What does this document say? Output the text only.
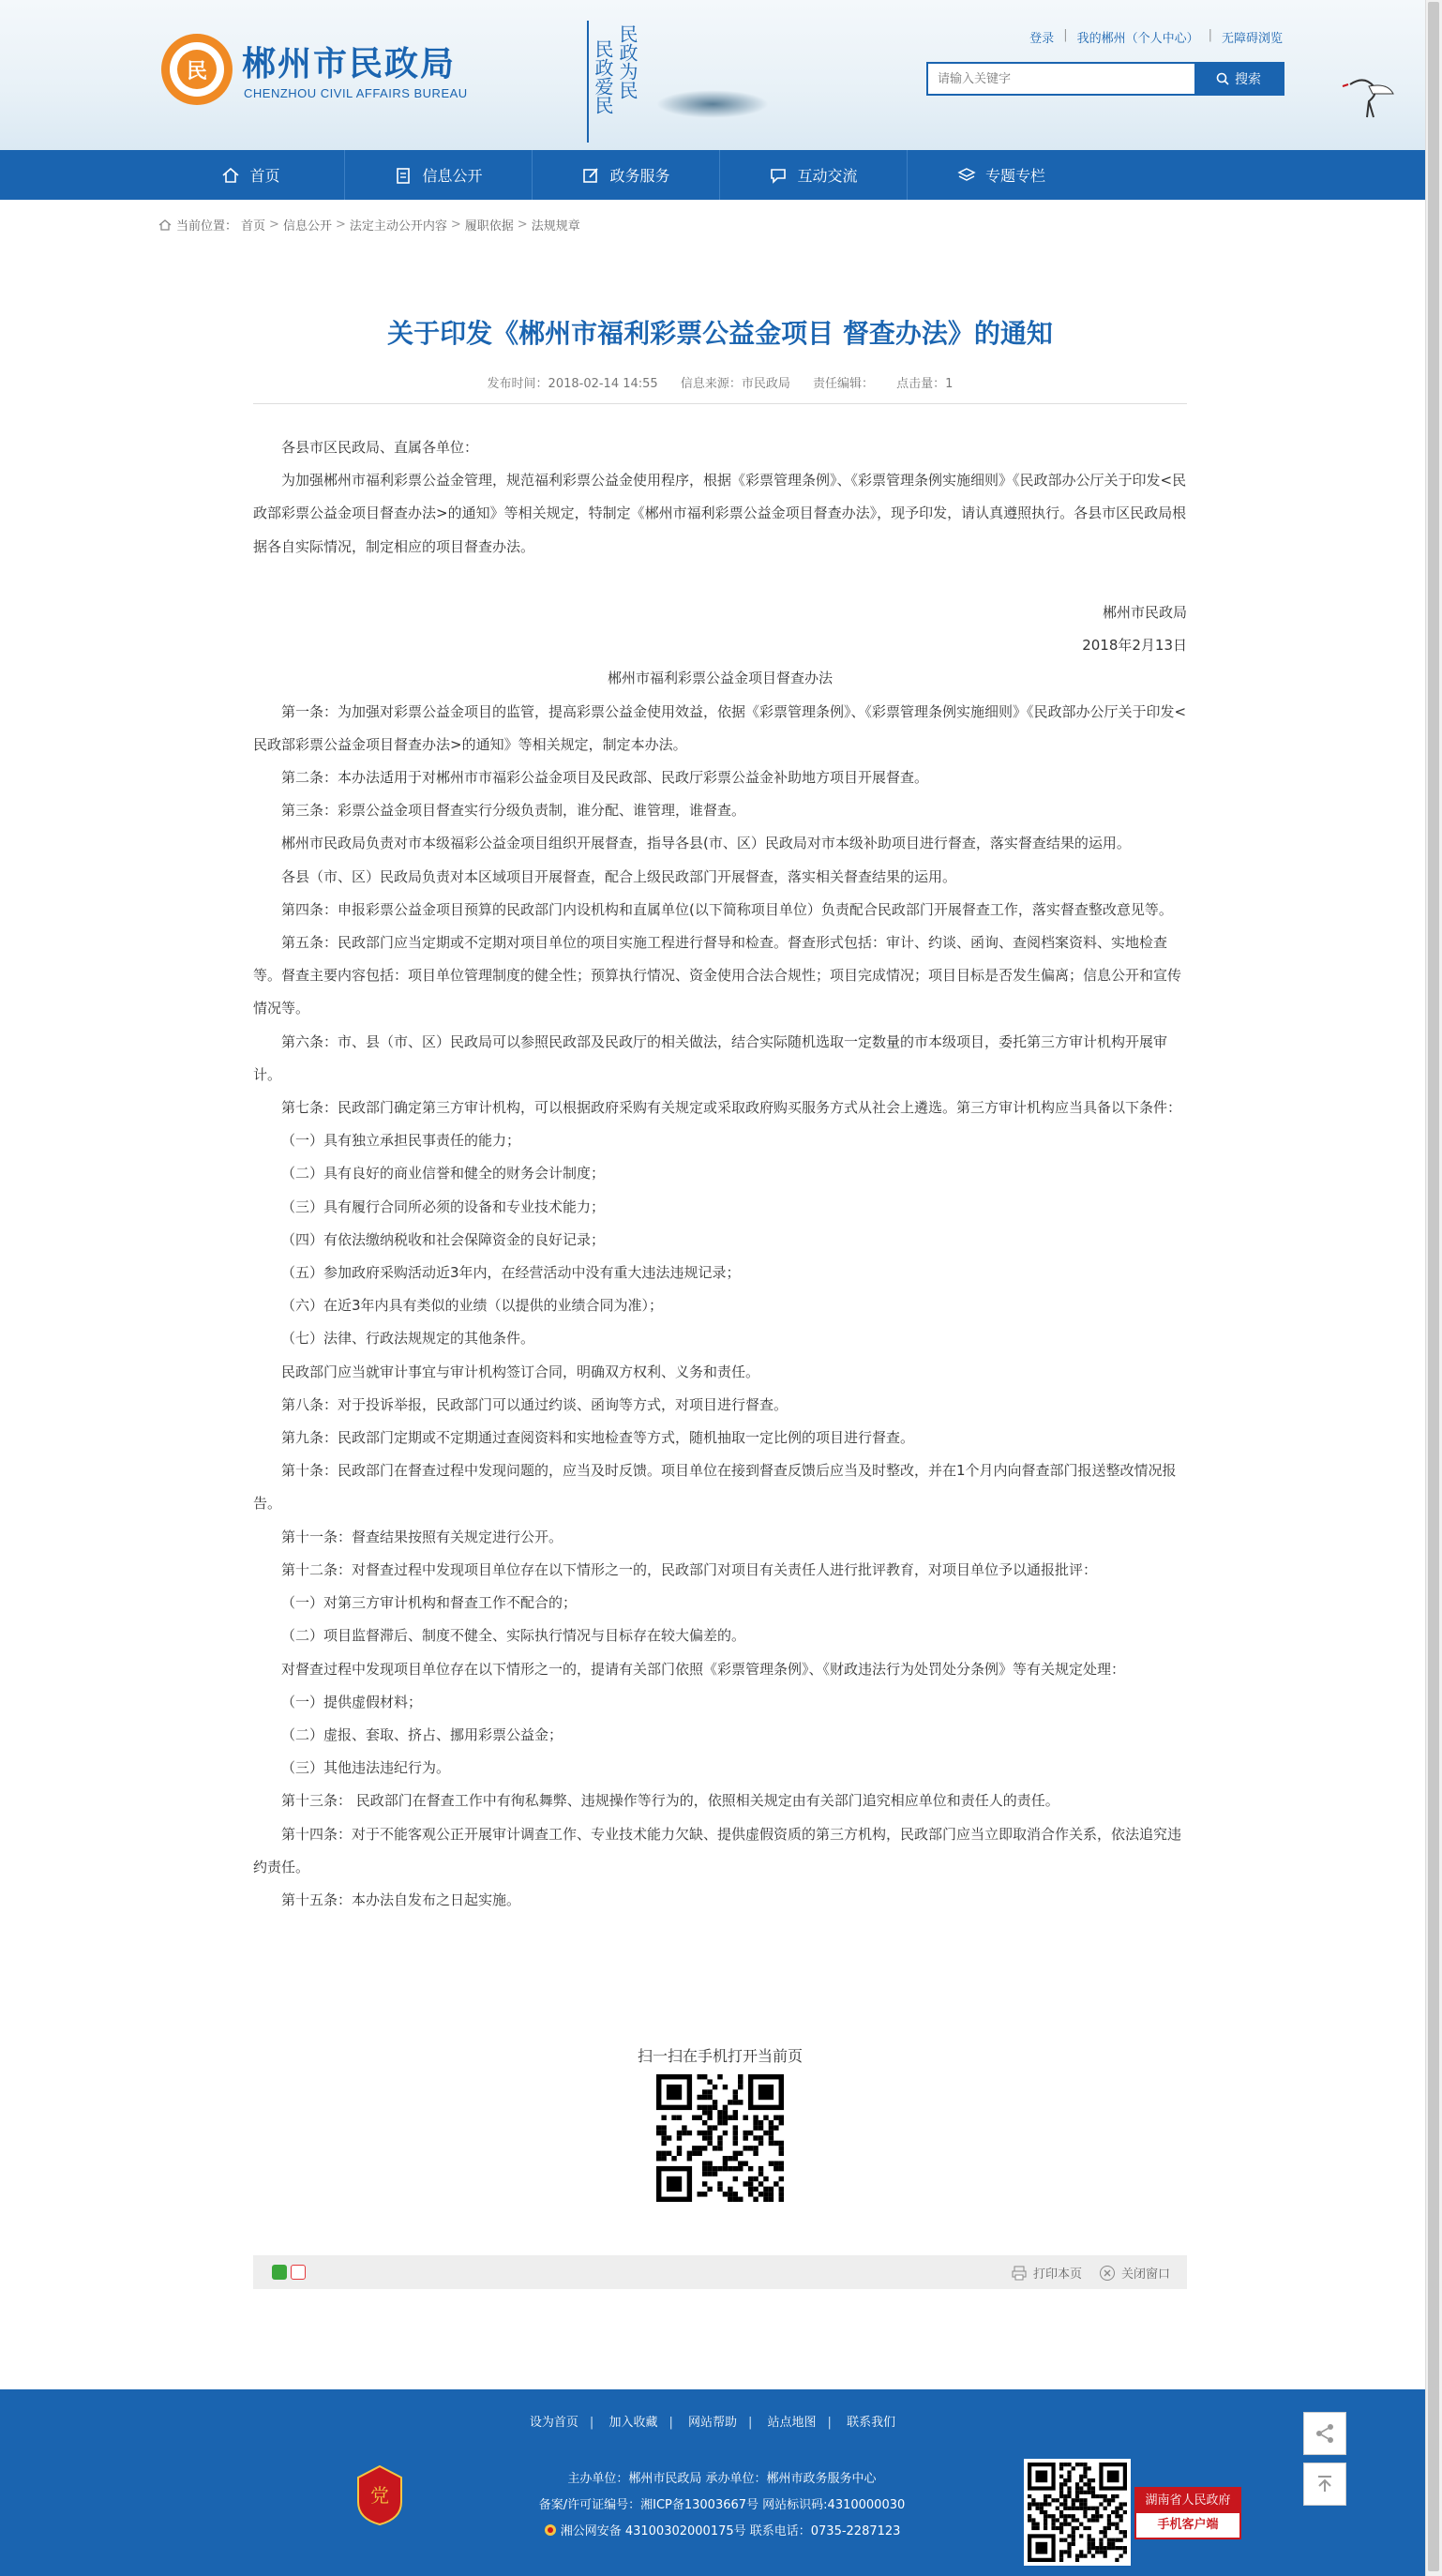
民 郴州市民政局
CHENZHOU CIVIL AFFAIRS BUREAU	民政为民
民政爱民
登录 | 我的郴州（个人中心） | 无障碍浏览
请输入关键字
搜索
首页	信息公开	政务服务	互动交流	专题专栏
当前位置： 首页 > 信息公开 > 法定主动公开内容 > 履职依据 > 法规规章
关于印发《郴州市福利彩票公益金项目 督查办法》的通知
发布时间：2018-02-14 14:55 信息来源：市民政局 责任编辑： 点击量：1

各县市区民政局、直属各单位：

为加强郴州市福利彩票公益金管理，规范福利彩票公益金使用程序，根据《彩票管理条例》、《彩票管理条例实施细则》《民政部办公厅关于印发<民政部彩票公益金项目督查办法>的通知》等相关规定，特制定《郴州市福利彩票公益金项目督查办法》，现予印发，请认真遵照执行。各县市区民政局根据各自实际情况，制定相应的项目督查办法。

郴州市民政局

2018年2月13日

郴州市福利彩票公益金项目督查办法

第一条：为加强对彩票公益金项目的监管，提高彩票公益金使用效益，依据《彩票管理条例》、《彩票管理条例实施细则》《民政部办公厅关于印发<民政部彩票公益金项目督查办法>的通知》等相关规定，制定本办法。

第二条：本办法适用于对郴州市市福彩公益金项目及民政部、民政厅彩票公益金补助地方项目开展督查。

第三条：彩票公益金项目督查实行分级负责制，谁分配、谁管理，谁督查。

郴州市民政局负责对市本级福彩公益金项目组织开展督查，指导各县(市、区）民政局对市本级补助项目进行督查，落实督查结果的运用。

各县（市、区）民政局负责对本区域项目开展督查，配合上级民政部门开展督查，落实相关督查结果的运用。

第四条：申报彩票公益金项目预算的民政部门内设机构和直属单位(以下简称项目单位）负责配合民政部门开展督查工作，落实督查整改意见等。

第五条：民政部门应当定期或不定期对项目单位的项目实施工程进行督导和检查。督查形式包括：审计、约谈、函询、查阅档案资料、实地检查等。督查主要内容包括：项目单位管理制度的健全性；预算执行情况、资金使用合法合规性；项目完成情况；项目目标是否发生偏离；信息公开和宣传情况等。

第六条：市、县（市、区）民政局可以参照民政部及民政厅的相关做法，结合实际随机选取一定数量的市本级项目，委托第三方审计机构开展审计。

第七条：民政部门确定第三方审计机构，可以根据政府采购有关规定或采取政府购买服务方式从社会上遴选。第三方审计机构应当具备以下条件：

（一）具有独立承担民事责任的能力；

（二）具有良好的商业信誉和健全的财务会计制度；

（三）具有履行合同所必须的设备和专业技术能力；

（四）有依法缴纳税收和社会保障资金的良好记录；

（五）参加政府采购活动近3年内，在经营活动中没有重大违法违规记录；

（六）在近3年内具有类似的业绩（以提供的业绩合同为准）；

（七）法律、行政法规规定的其他条件。

民政部门应当就审计事宜与审计机构签订合同，明确双方权利、义务和责任。

第八条：对于投诉举报，民政部门可以通过约谈、函询等方式，对项目进行督查。

第九条：民政部门定期或不定期通过查阅资料和实地检查等方式，随机抽取一定比例的项目进行督查。

第十条：民政部门在督查过程中发现问题的，应当及时反馈。项目单位在接到督查反馈后应当及时整改，并在1个月内向督查部门报送整改情况报告。

第十一条：督查结果按照有关规定进行公开。

第十二条：对督查过程中发现项目单位存在以下情形之一的，民政部门对项目有关责任人进行批评教育，对项目单位予以通报批评：

（一）对第三方审计机构和督查工作不配合的；

（二）项目监督滞后、制度不健全、实际执行情况与目标存在较大偏差的。

对督查过程中发现项目单位存在以下情形之一的，提请有关部门依照《彩票管理条例》、《财政违法行为处罚处分条例》等有关规定处理：

（一）提供虚假材料；

（二）虚报、套取、挤占、挪用彩票公益金；

（三）其他违法违纪行为。

第十三条： 民政部门在督查工作中有徇私舞弊、违规操作等行为的，依照相关规定由有关部门追究相应单位和责任人的责任。

第十四条：对于不能客观公正开展审计调查工作、专业技术能力欠缺、提供虚假资质的第三方机构，民政部门应当立即取消合作关系，依法追究违约责任。

第十五条：本办法自发布之日起实施。

扫一扫在手机打开当前页
打印本页	关闭窗口
设为首页 | 加入收藏 | 网站帮助 | 站点地图 | 联系我们
党
主办单位：郴州市民政局 承办单位：郴州市政务服务中心
备案/许可证编号：湘ICP备13003667号 网站标识码:4310000030
湘公网安备 43100302000175号 联系电话：0735-2287123
湖南省人民政府
手机客户端
